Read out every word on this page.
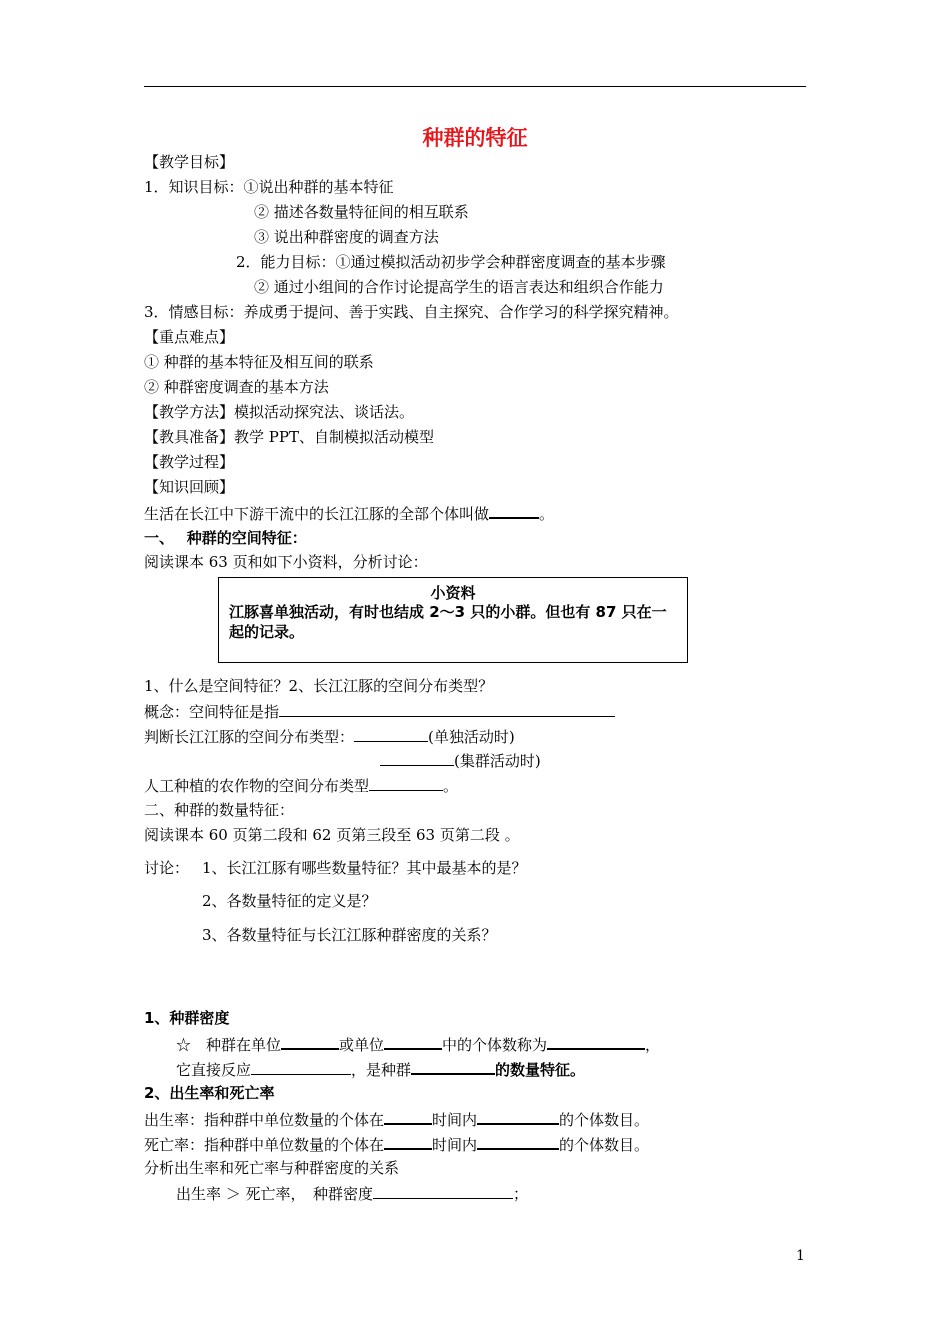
种群的特征
【教学目标】
1．知识目标：①说出种群的基本特征
② 描述各数量特征间的相互联系
③ 说出种群密度的调查方法
2．能力目标：①通过模拟活动初步学会种群密度调查的基本步骤
② 通过小组间的合作讨论提高学生的语言表达和组织合作能力
3．情感目标：养成勇于提问、善于实践、自主探究、合作学习的科学探究精神。
【重点难点】
① 种群的基本特征及相互间的联系
② 种群密度调查的基本方法
【教学方法】模拟活动探究法、谈话法。
【教具准备】教学 PPT、自制模拟活动模型
【教学过程】
【知识回顾】
生活在长江中下游干流中的长江江豚的全部个体叫做	。
一、　 种群的空间特征：
阅读课本 63 页和如下小资料，分析讨论：
小资料
江豚喜单独活动，有时也结成 2～3 只的小群。但也有 87 只在一起的记录。
1、什么是空间特征？2、长江江豚的空间分布类型？
概念：空间特征是指
判断长江江豚的空间分布类型：	(单独活动时)
(集群活动时)
人工种植的农作物的空间分布类型	。
二、种群的数量特征：
阅读课本 60 页第二段和 62 页第三段至 63 页第二段 。
讨论： 1、长江江豚有哪些数量特征？其中最基本的是？
2、各数量特征的定义是？
3、各数量特征与长江江豚种群密度的关系？
1、种群密度
☆　种群在单位	或单位	中的个体数称为	，
它直接反应	，是种群	的数量特征。
2、出生率和死亡率
出生率：指种群中单位数量的个体在	时间内	的个体数目。
死亡率：指种群中单位数量的个体在	时间内	的个体数目。
分析出生率和死亡率与种群密度的关系
出生率 ＞ 死亡率，　种群密度	；
1
